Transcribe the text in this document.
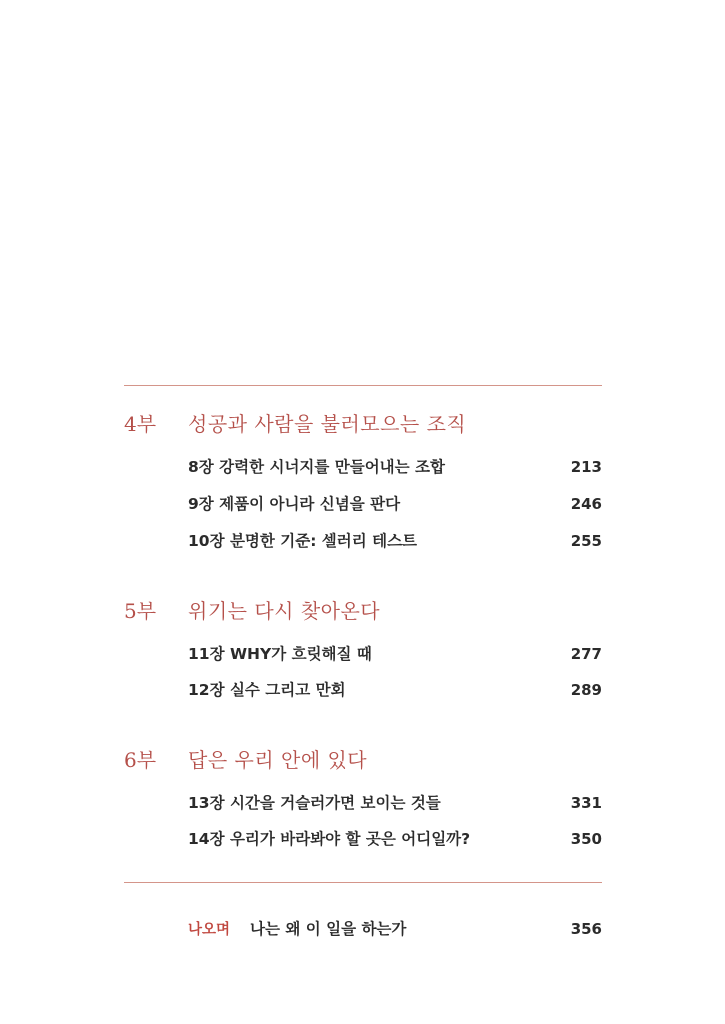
4부 성공과 사람을 불러모으는 조직
8장 강력한 시너지를 만들어내는 조합	213
9장 제품이 아니라 신념을 판다	246
10장 분명한 기준: 셀러리 테스트	255
5부 위기는 다시 찾아온다
11장 WHY가 흐릿해질 때	277
12장 실수 그리고 만회	289
6부 답은 우리 안에 있다
13장 시간을 거슬러가면 보이는 것들	331
14장 우리가 바라봐야 할 곳은 어디일까?	350
나오며 나는 왜 이 일을 하는가	356
